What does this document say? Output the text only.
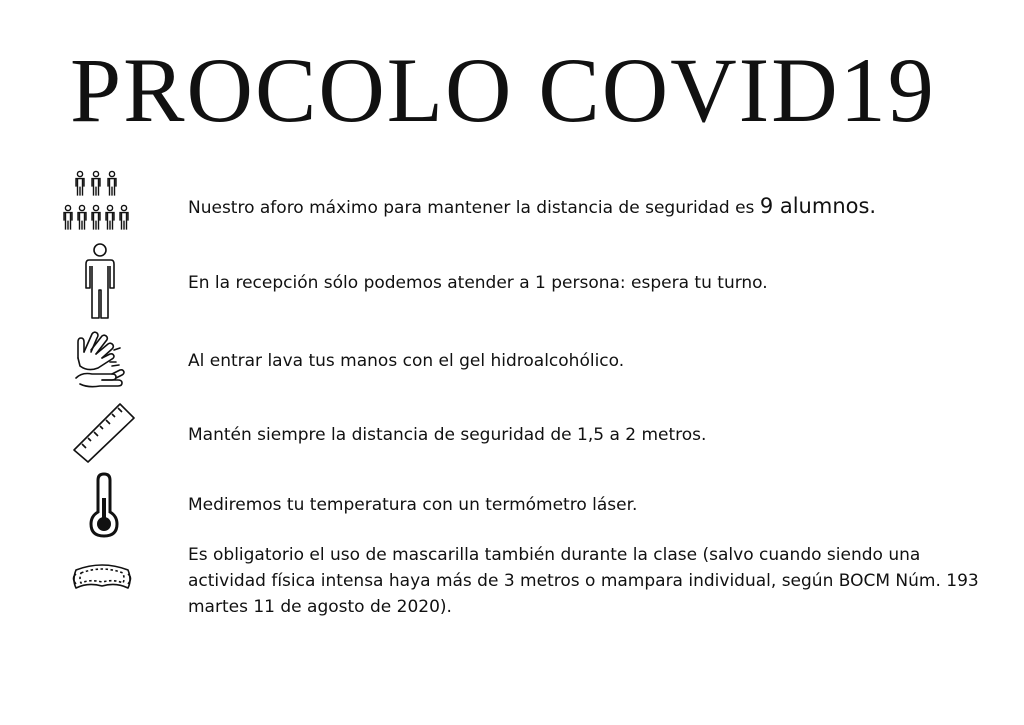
PROCOLO COVID19
Nuestro aforo máximo para mantener la distancia de seguridad es 9 alumnos.
En la recepción sólo podemos atender a 1 persona: espera tu turno.
Al entrar lava tus manos con el gel hidroalcohólico.
Mantén siempre la distancia de seguridad de 1,5 a 2 metros.
Mediremos tu temperatura con un termómetro láser.
Es obligatorio el uso de mascarilla también durante la clase (salvo cuando siendo una actividad física intensa haya más de 3 metros o mampara individual, según BOCM Núm. 193 martes 11 de agosto de 2020).
